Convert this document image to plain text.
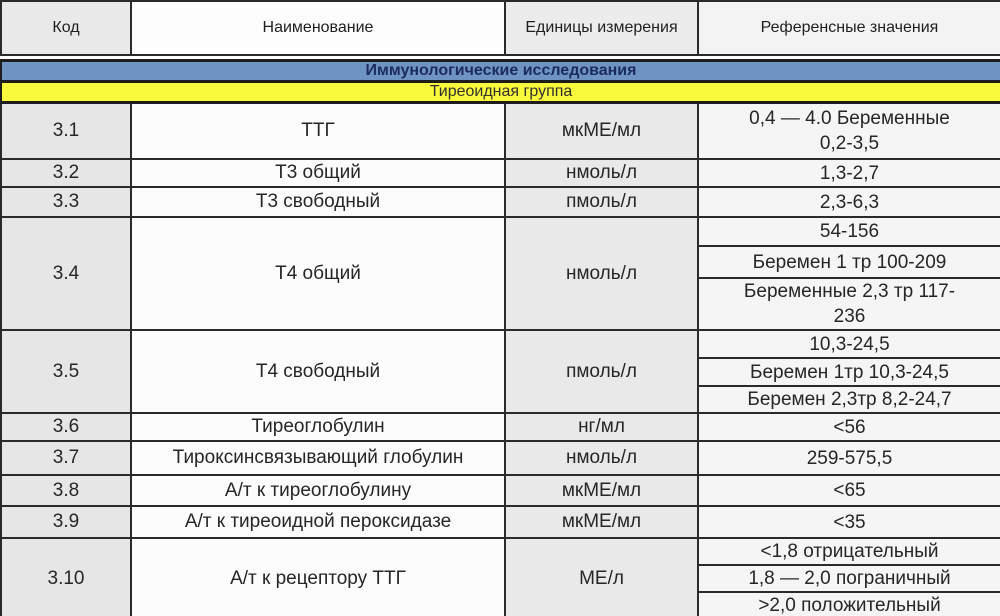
Код	Наименование	Единицы измерения	Референсные значения

Иммунологические исследования			
Тиреоидная группа			
3.1	ТТГ	мкМЕ/мл	0,4 — 4.0 Беременные 0,2-3,5
3.2	Т3 общий	нмоль/л	1,3-2,7
3.3	Т3 свободный	пмоль/л	2,3-6,3
3.4	Т4 общий	нмоль/л	54-156
			Беремен 1 тр 100-209
			Беременные 2,3 тр 117-236
3.5	Т4 свободный	пмоль/л	10,3-24,5
			Беремен 1тр 10,3-24,5
			Беремен 2,3тр 8,2-24,7
3.6	Тиреоглобулин	нг/мл	<56
3.7	Тироксинсвязывающий глобулин	нмоль/л	259-575,5
3.8	А/т к тиреоглобулину	мкМЕ/мл	<65
3.9	А/т к тиреоидной пероксидазе	мкМЕ/мл	<35
3.10	А/т к рецептору ТТГ	МЕ/л	<1,8 отрицательный
			1,8 — 2,0 пограничный
			>2,0 положительный
